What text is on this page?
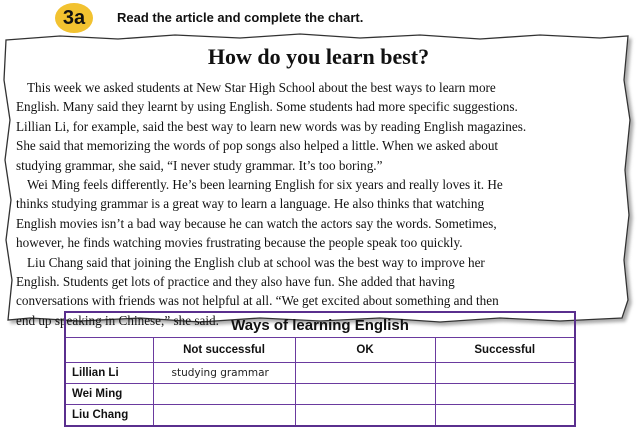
3a	Read the article and complete the chart.
How do you learn best?

This week we asked students at New Star High School about the best ways to learn more
English. Many said they learnt by using English. Some students had more specific suggestions.
Lillian Li, for example, said the best way to learn new words was by reading English magazines.
She said that memorizing the words of pop songs also helped a little. When we asked about
studying grammar, she said, “I never study grammar. It’s too boring.”

Wei Ming feels differently. He’s been learning English for six years and really loves it. He
thinks studying grammar is a great way to learn a language. He also thinks that watching
English movies isn’t a bad way because he can watch the actors say the words. Sometimes,
however, he finds watching movies frustrating because the people speak too quickly.

Liu Chang said that joining the English club at school was the best way to improve her
English. Students get lots of practice and they also have fun. She added that having
conversations with friends was not helpful at all. “We get excited about something and then
end up speaking in Chinese,” she said. Ways of learning English			
	Not successful	OK	Successful
Lillian Li	studying grammar		
Wei Ming			
Liu Chang			
